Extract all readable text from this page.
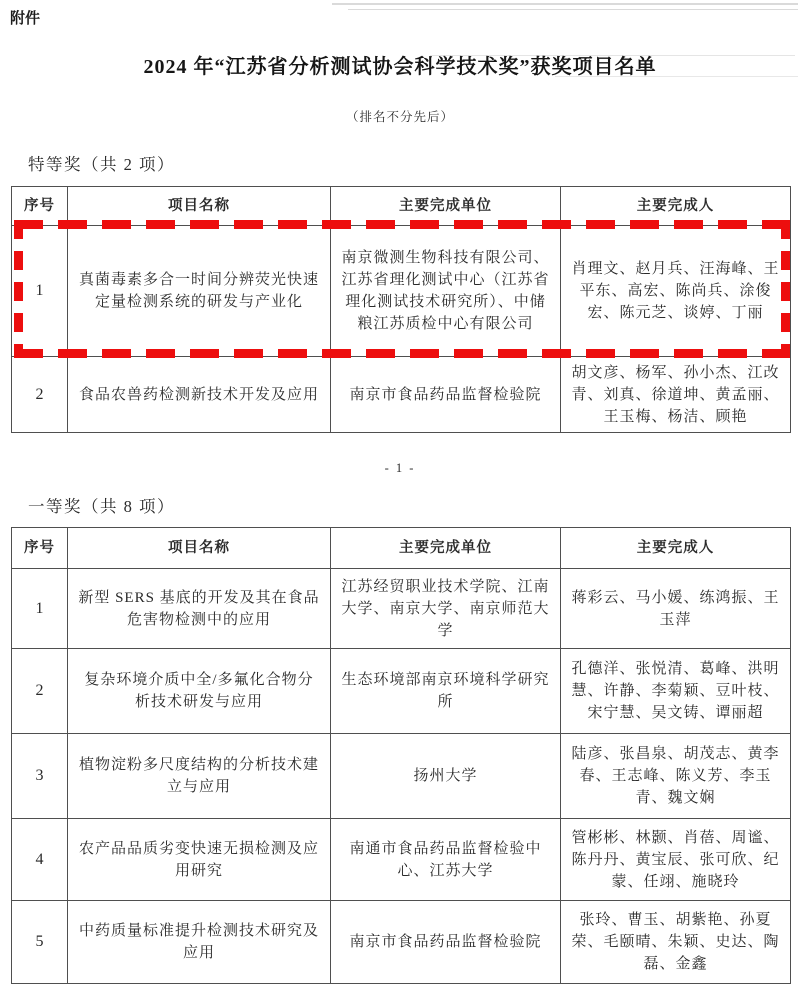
附件
2024 年“江苏省分析测试协会科学技术奖”获奖项目名单
（排名不分先后）
特等奖（共 2 项）
序号	项目名称	主要完成单位	主要完成人
1	真菌毒素多合一时间分辨荧光快速定量检测系统的研发与产业化	南京微测生物科技有限公司、江苏省理化测试中心（江苏省理化测试技术研究所）、中储粮江苏质检中心有限公司	肖理文、赵月兵、汪海峰、王平东、高宏、陈尚兵、涂俊宏、陈元芝、谈婷、丁丽
2	食品农兽药检测新技术开发及应用	南京市食品药品监督检验院	胡文彦、杨军、孙小杰、江改青、刘真、徐道坤、黄孟丽、王玉梅、杨洁、顾艳
- 1 -
一等奖（共 8 项）
序号	项目名称	主要完成单位	主要完成人
1	新型 SERS 基底的开发及其在食品危害物检测中的应用	江苏经贸职业技术学院、江南大学、南京大学、南京师范大学	蒋彩云、马小媛、练鸿振、王玉萍
2	复杂环境介质中全/多氟化合物分析技术研发与应用	生态环境部南京环境科学研究所	孔德洋、张悦清、葛峰、洪明慧、许静、李菊颖、豆叶枝、宋宁慧、吴文铸、谭丽超
3	植物淀粉多尺度结构的分析技术建立与应用	扬州大学	陆彦、张昌泉、胡茂志、黄李春、王志峰、陈义芳、李玉青、魏文娴
4	农产品品质劣变快速无损检测及应用研究	南通市食品药品监督检验中心、江苏大学	管彬彬、林颢、肖蓓、周谧、陈丹丹、黄宝辰、张可欣、纪蒙、任翊、施晓玲
5	中药质量标准提升检测技术研究及应用	南京市食品药品监督检验院	张玲、曹玉、胡紫艳、孙夏荣、毛颐晴、朱颖、史达、陶磊、金鑫
